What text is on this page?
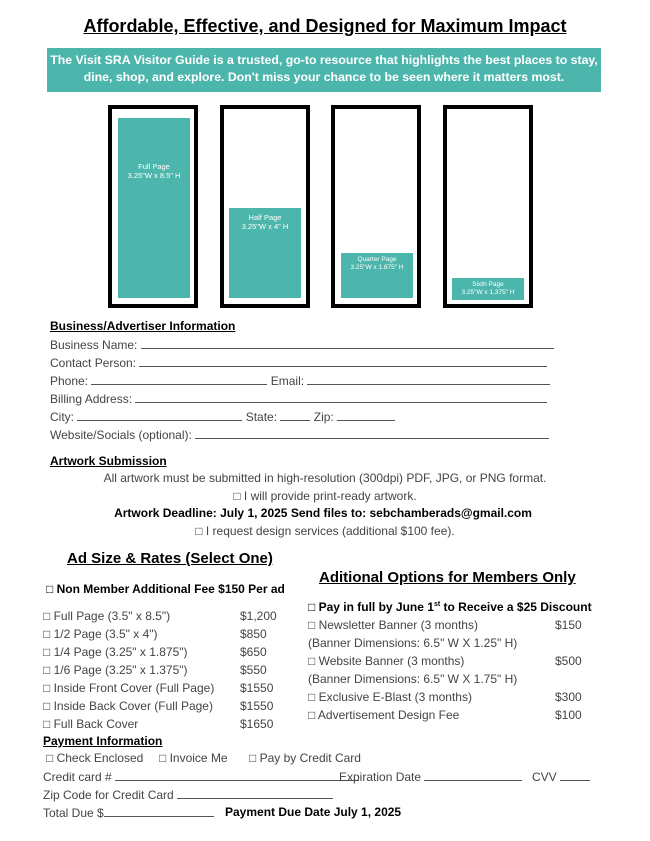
Affordable, Effective, and Designed for Maximum Impact
The Visit SRA Visitor Guide is a trusted, go-to resource that highlights the best places to stay, dine, shop, and explore. Don't miss your chance to be seen where it matters most.
Full Page
3.25"W x 8.5" H
Half Page
3.25"W x 4" H
Quarter Page
3.25"W x 1.875" H
Sixth Page
3.25"W x 1.375" H
Business/Advertiser Information
Business Name:
Contact Person:
Phone:	Email:
Billing Address:
City:	State:	Zip:
Website/Socials (optional):
Artwork Submission
All artwork must be submitted in high-resolution (300dpi) PDF, JPG, or PNG format.
□ I will provide print-ready artwork.
Artwork Deadline: July 1, 2025 Send files to: sebchamberads@gmail.com
□ I request design services (additional $100 fee).
Ad Size & Rates (Select One)
□ Non Member Additional Fee $150 Per ad
Aditional Options for Members Only
□ Pay in full by June 1st to Receive a $25 Discount
Payment Information
□ Check Enclosed □ Invoice Me □ Pay by Credit Card
Credit card #	Expiration Date	CVV
Zip Code for Credit Card
Total Due $	Payment Due Date July 1, 2025
□ Full Page (3.5" x 8.5")	$1,200
□ 1/2 Page (3.5" x 4")	$850
□ 1/4 Page (3.25" x 1.875")	$650
□ 1/6 Page (3.25" x 1.375")	$550
□ Inside Front Cover (Full Page) $1550
□ Inside Back Cover (Full Page) $1550
□ Full Back Cover	$1650
□ Newsletter Banner (3 months)	$150
(Banner Dimensions: 6.5" W X 1.25" H)
□ Website Banner (3 months)	$500
(Banner Dimensions: 6.5" W X 1.75" H)
□ Exclusive E-Blast (3 months)	$300
□ Advertisement Design Fee	$100
